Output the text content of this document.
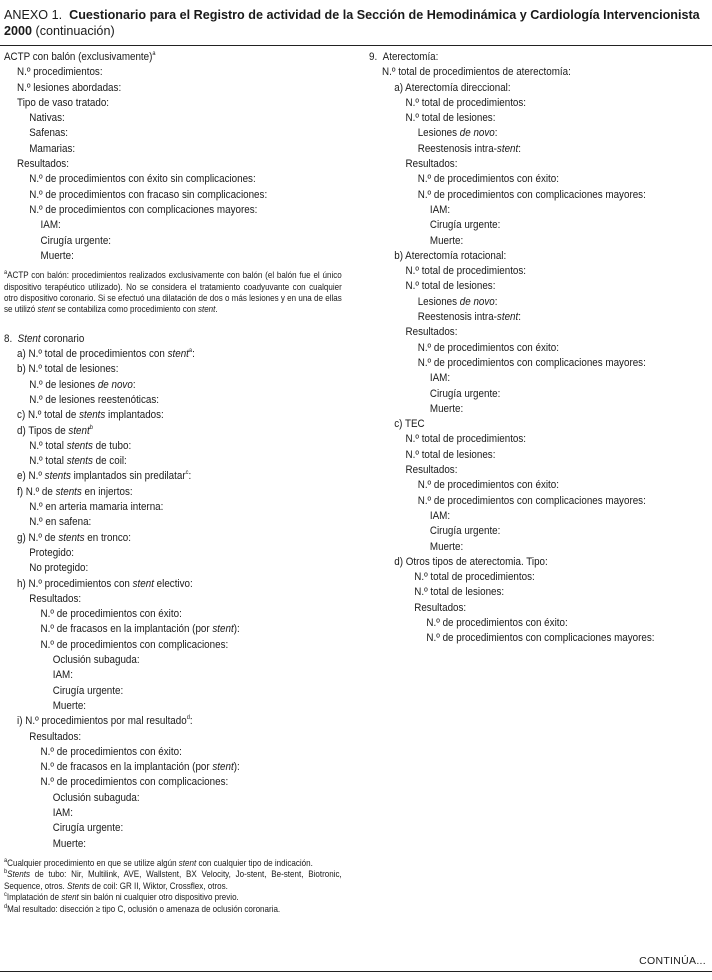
ANEXO 1. Cuestionario para el Registro de actividad de la Sección de Hemodinámica y Cardiología Intervencionista 2000 (continuación)
ACTP con balón (exclusivamente)$^a$
N.º procedimientos:
N.º lesiones abordadas:
Tipo de vaso tratado:
Nativas:
Safenas:
Mamarias:
Resultados:
N.º de procedimientos con éxito sin complicaciones:
N.º de procedimientos con fracaso sin complicaciones:
N.º de procedimientos con complicaciones mayores:
IAM:
Cirugía urgente:
Muerte:
$^a$ACTP con balón: procedimientos realizados exclusivamente con balón (el balón fue el único dispositivo terapéutico utilizado). No se considera el tratamiento coadyuvante con cualquier otro dispositivo coronario. Si se efectuó una dilatación de dos o más lesiones y en una de ellas se utilizó stent se contabiliza como procedimiento con stent.
8. Stent coronario
a) N.º total de procedimientos con stent$^a$:
b) N.º total de lesiones:
N.º de lesiones de novo:
N.º de lesiones reestenóticas:
c) N.º total de stents implantados:
d) Tipos de stent$^b$
N.º total stents de tubo:
N.º total stents de coil:
e) N.º stents implantados sin predilatar$^c$:
f) N.º de stents en injertos:
N.º en arteria mamaria interna:
N.º en safena:
g) N.º de stents en tronco:
Protegido:
No protegido:
h) N.º procedimientos con stent electivo:
Resultados:
N.º de procedimientos con éxito:
N.º de fracasos en la implantación (por stent):
N.º de procedimientos con complicaciones:
Oclusión subaguda:
IAM:
Cirugía urgente:
Muerte:
i) N.º procedimientos por mal resultado$^d$:
Resultados:
N.º de procedimientos con éxito:
N.º de fracasos en la implantación (por stent):
N.º de procedimientos con complicaciones:
Oclusión subaguda:
IAM:
Cirugía urgente:
Muerte:
$^a$Cualquier procedimiento en que se utilize algún stent con cualquier tipo de indicación.
$^b$Stents de tubo: Nir, Multilink, AVE, Wallstent, BX Velocity, Jo-stent, Be-stent, Biotronic, Sequence, otros. Stents de coil: GR II, Wiktor, Crossflex, otros.
$^c$Implatación de stent sin balón ni cualquier otro dispositivo previo.
$^d$Mal resultado: disección ≥ tipo C, oclusión o amenaza de oclusión coronaria.
9. Aterectomía:
N.º total de procedimientos de aterectomía:
a) Aterectomía direccional:
N.º total de procedimientos:
N.º total de lesiones:
Lesiones de novo:
Reestenosis intra-stent:
Resultados:
N.º de procedimientos con éxito:
N.º de procedimientos con complicaciones mayores:
IAM:
Cirugía urgente:
Muerte:
b) Aterectomía rotacional:
N.º total de procedimientos:
N.º total de lesiones:
Lesiones de novo:
Reestenosis intra-stent:
Resultados:
N.º de procedimientos con éxito:
N.º de procedimientos con complicaciones mayores:
IAM:
Cirugía urgente:
Muerte:
c) TEC
N.º total de procedimientos:
N.º total de lesiones:
Resultados:
N.º de procedimientos con éxito:
N.º de procedimientos con complicaciones mayores:
IAM:
Cirugía urgente:
Muerte:
d) Otros tipos de aterectomia. Tipo:
N.º total de procedimientos:
N.º total de lesiones:
Resultados:
N.º de procedimientos con éxito:
N.º de procedimientos con complicaciones mayores:
CONTINÚA...
